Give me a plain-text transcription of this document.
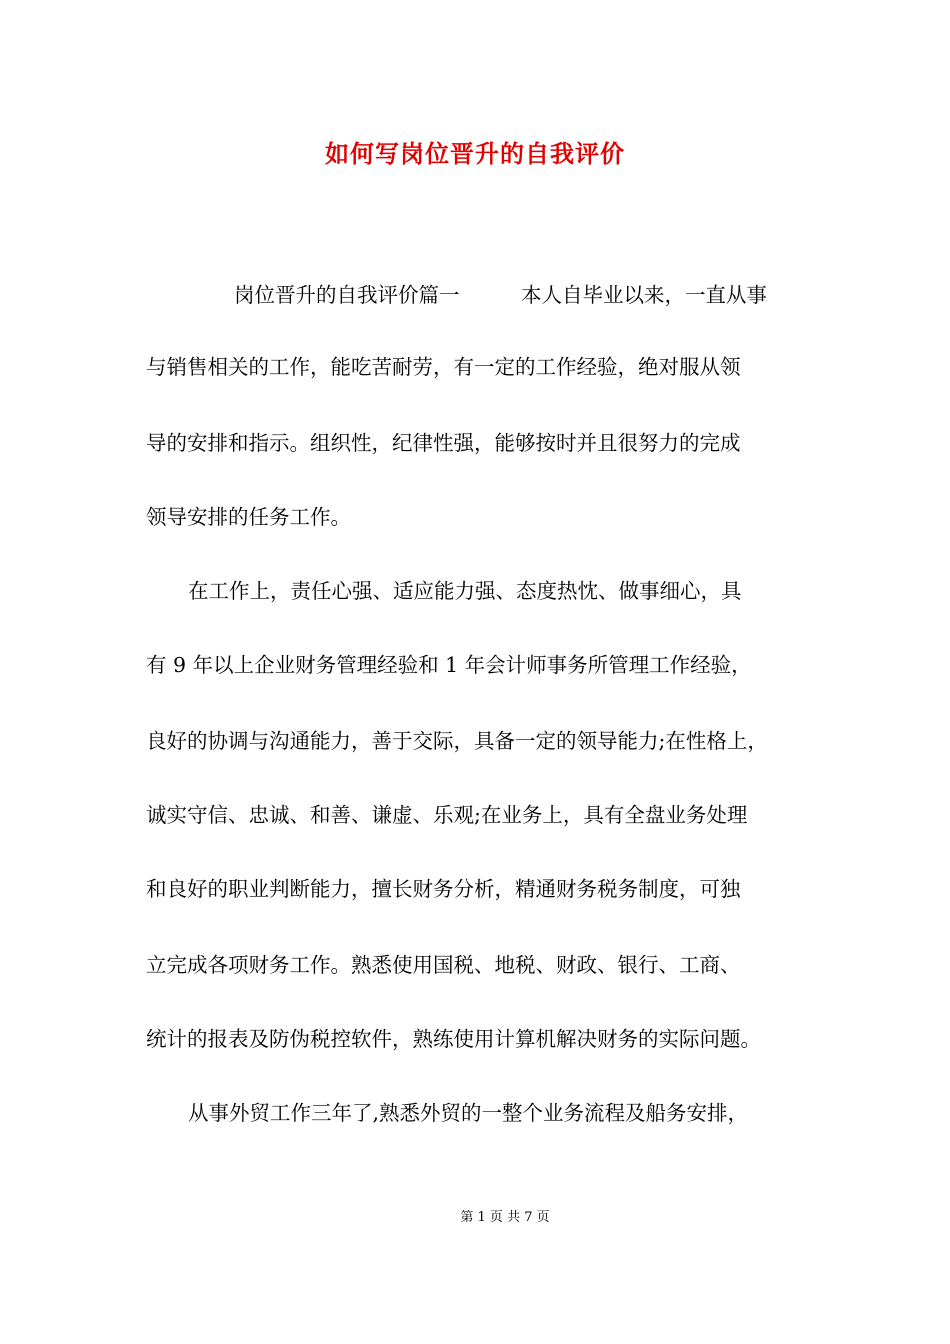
如何写岗位晋升的自我评价
岗位晋升的自我评价篇一　　　本人自毕业以来，一直从事
与销售相关的工作，能吃苦耐劳，有一定的工作经验，绝对服从领
导的安排和指示。组织性，纪律性强，能够按时并且很努力的完成
领导安排的任务工作。
在工作上，责任心强、适应能力强、态度热忱、做事细心，具
有 9 年以上企业财务管理经验和 1 年会计师事务所管理工作经验，
良好的协调与沟通能力，善于交际，具备一定的领导能力;在性格上，
诚实守信、忠诚、和善、谦虚、乐观;在业务上，具有全盘业务处理
和良好的职业判断能力，擅长财务分析，精通财务税务制度，可独
立完成各项财务工作。熟悉使用国税、地税、财政、银行、工商、
统计的报表及防伪税控软件，熟练使用计算机解决财务的实际问题。
从事外贸工作三年了,熟悉外贸的一整个业务流程及船务安排，
第 1 页 共 7 页
